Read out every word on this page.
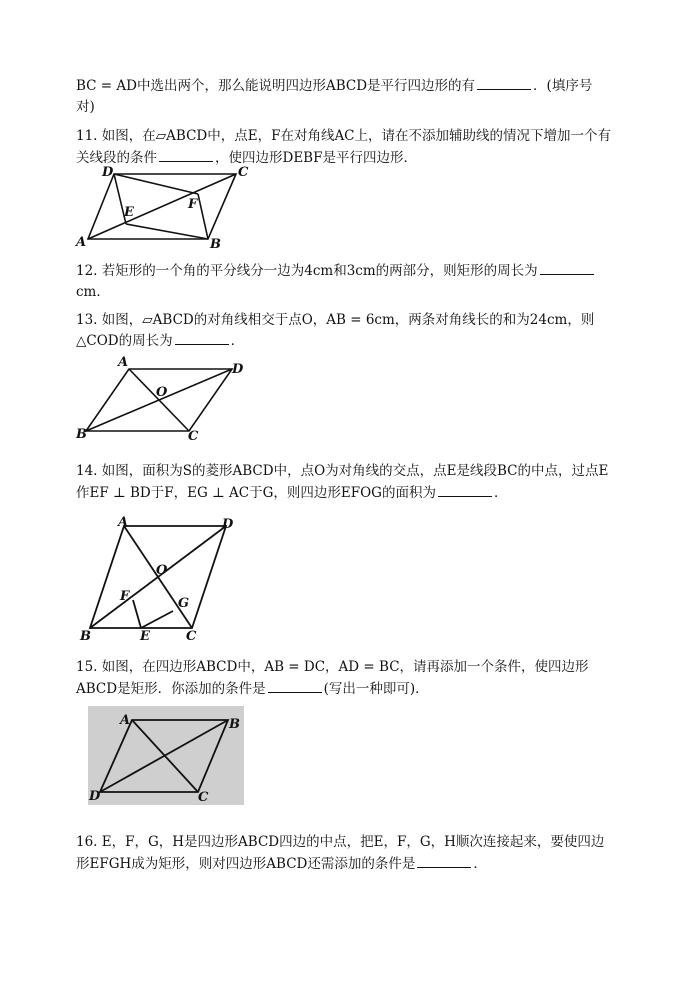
BC = AD中选出两个，那么能说明四边形ABCD是平行四边形的有	．(填序号
对)
11. 如图，在▱ABCD中，点E，F在对角线AC上，请在不添加辅助线的情况下增加一个有
关线段的条件	，使四边形DEBF是平行四边形．
D	C
E
F
A	B
12. 若矩形的一个角的平分线分一边为4cm和3cm的两部分，则矩形的周长为
cm．
13. 如图，▱ABCD的对角线相交于点O，AB = 6cm，两条对角线长的和为24cm，则
△COD的周长为	．
A	D
O
B	C
14. 如图，面积为S的菱形ABCD中，点O为对角线的交点，点E是线段BC的中点，过点E
作EF ⊥ BD于F，EG ⊥ AC于G，则四边形EFOG的面积为	．
A	D
O
F	G
B	E	C
15. 如图，在四边形ABCD中，AB = DC，AD = BC，请再添加一个条件，使四边形
ABCD是矩形．你添加的条件是	(写出一种即可)．
A	B
D	C
16. E，F，G，H是四边形ABCD四边的中点，把E，F，G，H顺次连接起来，要使四边
形EFGH成为矩形，则对四边形ABCD还需添加的条件是	．
